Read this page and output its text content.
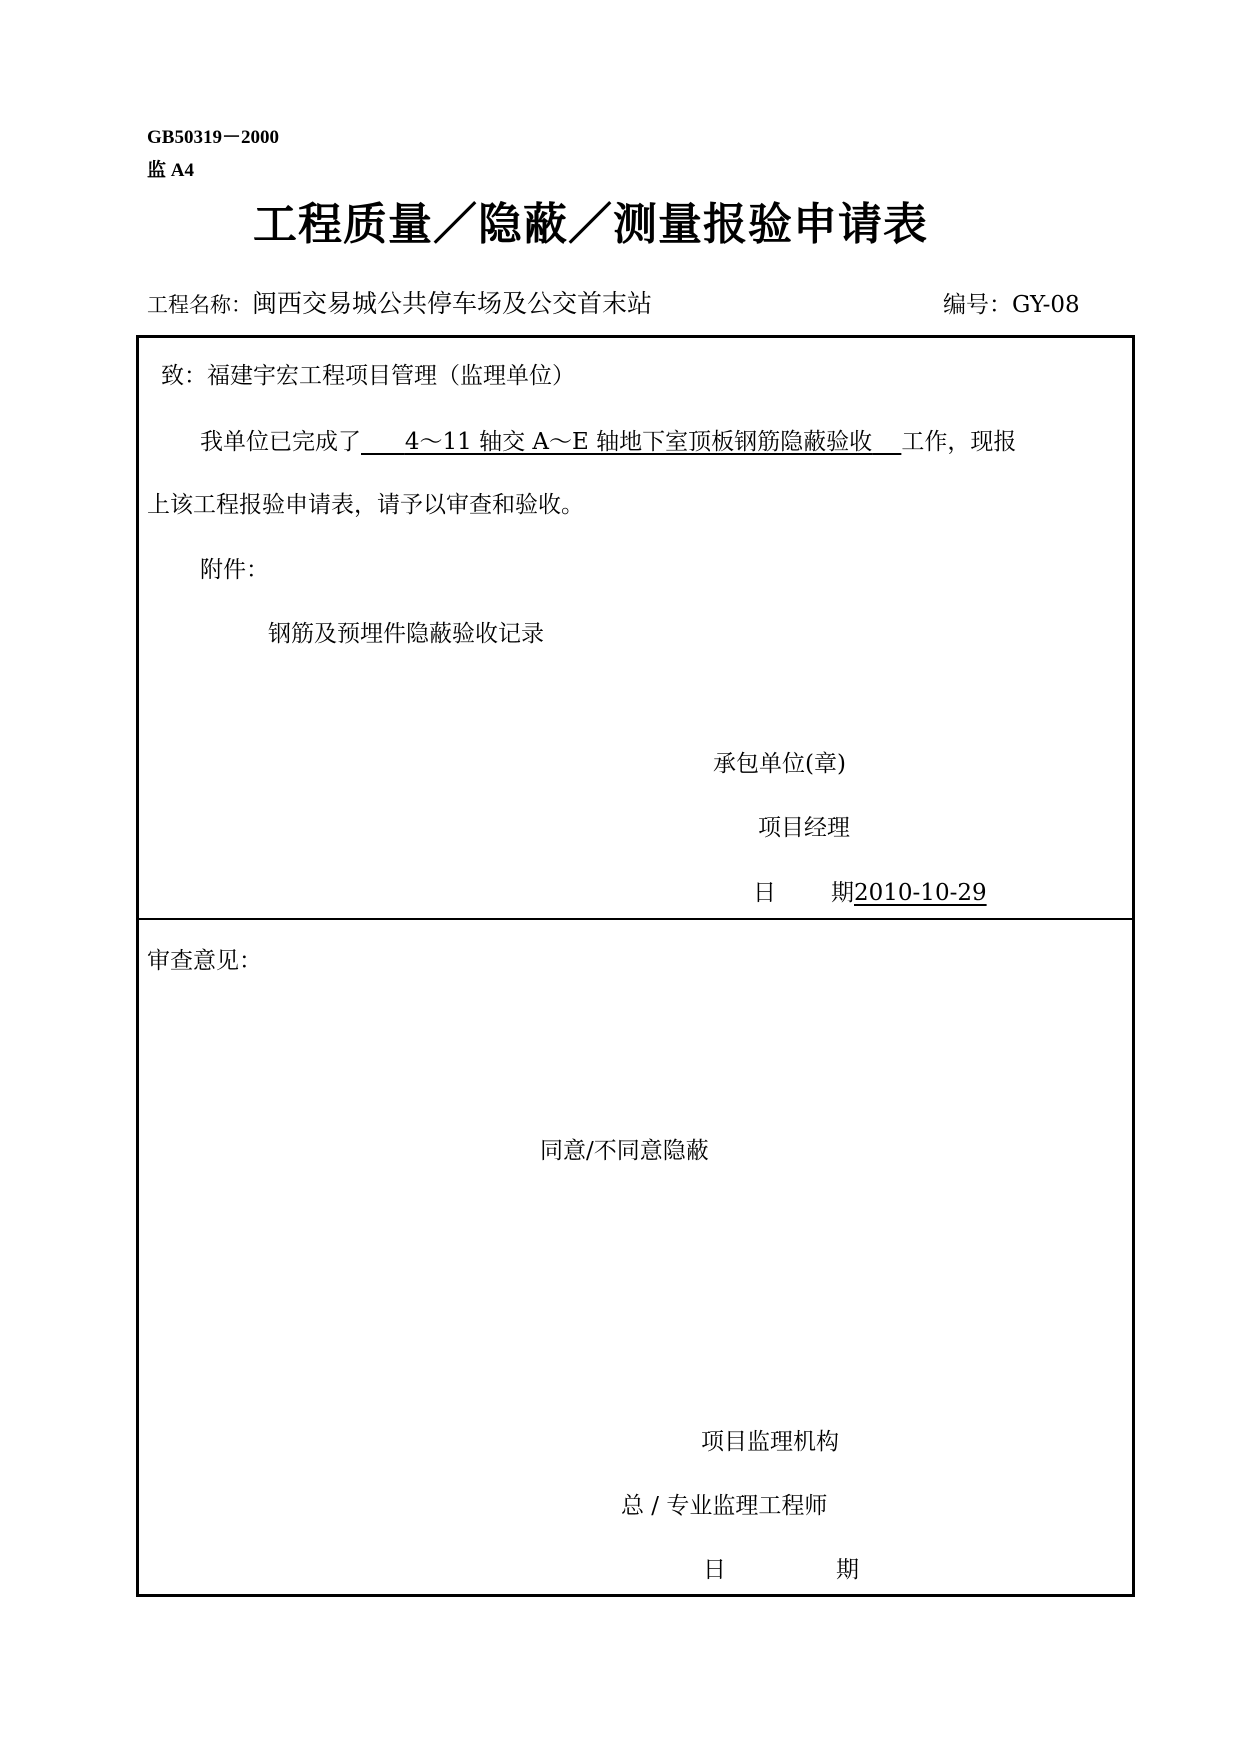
GB50319－2000
监 A4
工程质量／隐蔽／测量报验申请表
工程名称：闽西交易城公共停车场及公交首末站	编号：GY-08
致：福建宇宏工程项目管理（监理单位）
我单位已完成了 4～11 轴交 A～E 轴地下室顶板钢筋隐蔽验收 工作，现报
上该工程报验申请表，请予以审查和验收。
附件：
钢筋及预埋件隐蔽验收记录
承包单位(章)
项目经理
日 期2010-10-29
审查意见：
同意/不同意隐蔽
项目监理机构
总 / 专业监理工程师
日	期
